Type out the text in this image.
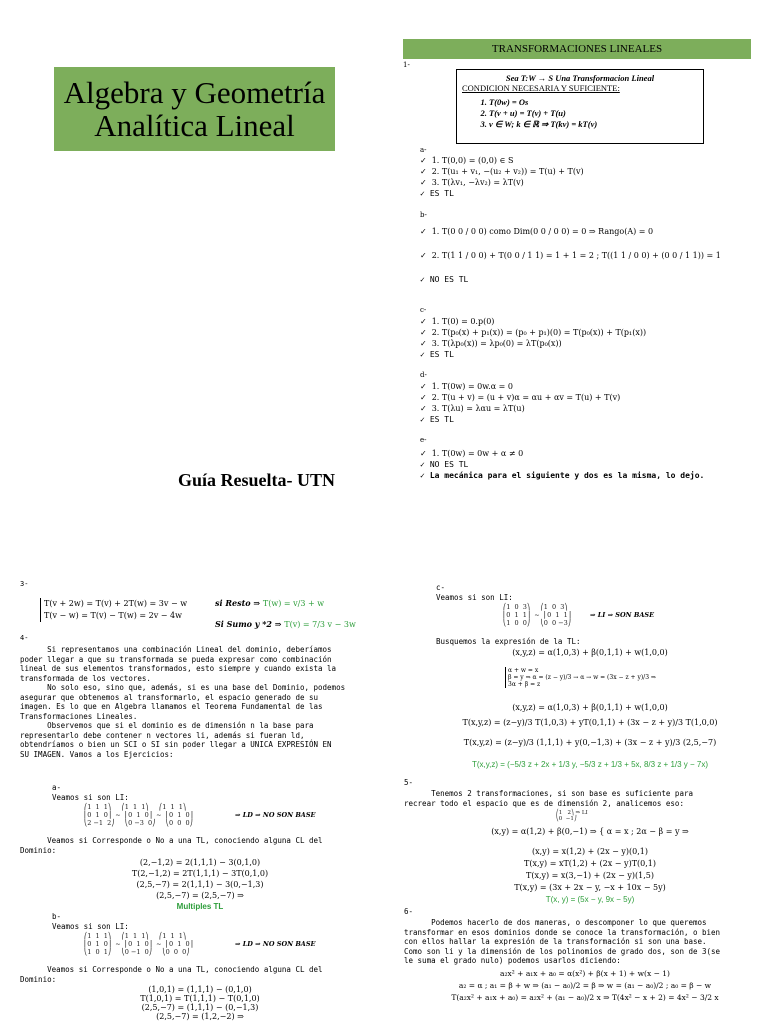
Algebra y Geometría
Analítica Lineal
Guía Resuelta- UTN
TRANSFORMACIONES LINEALES
1-
Sea T:W → S Una Transformacion Lineal
CONDICION NECESARIA Y SUFICIENTE:
1. T(0w) = Os
2. T(v + u) = T(v) + T(u)
3. v ∈ W; k ∈ ℝ ⇒ T(kv) = kT(v)
a-
✓ 1. T(0,0) = (0,0) ∈ S
✓ 2. T(u₁ + v₁, −(u₂ + v₂)) = T(u) + T(v)
✓ 3. T(λv₁, −λv₂) = λT(v)
✓ ES TL
b-
✓ 1. T(0 0 / 0 0) como Dim(0 0 / 0 0) = 0 ⇒ Rango(A) = 0
✓ 2. T(1 1 / 0 0) + T(0 0 / 1 1) = 1 + 1 = 2 ; T((1 1 / 0 0) + (0 0 / 1 1)) = 1
✓ NO ES TL
c-
✓ 1. T(0) = 0.p(0)
✓ 2. T(p₀(x) + p₁(x)) = (p₀ + p₁)(0) = T(p₀(x)) + T(p₁(x))
✓ 3. T(λp₀(x)) = λp₀(0) = λT(p₀(x))
✓ ES TL
d-
✓ 1. T(0w) = 0w.α = 0
✓ 2. T(u + v) = (u + v)α = αu + αv = T(u) + T(v)
✓ 3. T(λu) = λαu = λT(u)
✓ ES TL
e-
✓ 1. T(0w) = 0w + α ≠ 0
✓ NO ES TL
✓ La mecánica para el siguiente y dos es la misma, lo dejo.
3-
T(v + 2w) = T(v) + 2T(w) = 3v − w
T(v − w) = T(v) − T(w) = 2v − 4w
si Resto ⇒ T(w) = v/3 + w
Si Sumo y *2 ⇒ T(v) = 7/3 v − 3w
4-
Si representamos una combinación Lineal del dominio, deberíamos
poder llegar a que su transformada se pueda expresar como combinación
lineal de sus elementos transformados, esto siempre y cuando exista la
transformada de los vectores.
No solo eso, sino que, además, si es una base del Dominio, podemos
asegurar que obtenemos al transformarlo, el espacio generado de su
imagen. Es lo que en Algebra llamamos el Teorema Fundamental de las
Transformaciones Lineales.
Observemos que si el dominio es de dimensión n la base para
representarlo debe contener n vectores li, además si fueran ld,
obtendríamos o bien un SCI o SI sin poder llegar a UNICA EXPRESIÓN EN
SU IMAGEN. Vamos a los Ejercicios:
a-
Veamos si son LI:
⇒ LD ⇒ NO SON BASE
⎛1  1  1⎞     ⎛1  1  1⎞     ⎛1  1  1⎞
⎜0  1  0⎟  ~  ⎜0  1  0⎟  ~  ⎜0  1  0⎟
⎝2 −1  2⎠     ⎝0 −3  0⎠     ⎝0  0  0⎠
Veamos si Corresponde o No a una TL, conociendo alguna CL del
Dominio:
(2,−1,2) = 2(1,1,1) − 3(0,1,0)
T(2,−1,2) = 2T(1,1,1) − 3T(0,1,0)
(2,5,−7) = 2(1,1,1) − 3(0,−1,3)
(2,5,−7) = (2,5,−7) ⇒
Multiples TL
b-
Veamos si son LI:
⎛1  1  1⎞     ⎛1  1  1⎞     ⎛1  1  1⎞
⎜0  1  0⎟  ~  ⎜0  1  0⎟  ~  ⎜0  1  0⎟
⎝1  0  1⎠     ⎝0 −1  0⎠     ⎝0  0  0⎠
⇒ LD ⇒ NO SON BASE
Veamos si Corresponde o No a una TL, conociendo alguna CL del
Dominio:
(1,0,1) = (1,1,1) − (0,1,0)
T(1,0,1) = T(1,1,1) − T(0,1,0)
(2,5,−7) = (1,1,1) − (0,−1,3)
(2,5,−7) = (1,2,−2) ⇒
c-
Veamos si son LI:
⎛1  0  3⎞     ⎛1  0  3⎞
⎜0  1  1⎟  ~  ⎜0  1  1⎟
⎝1  0  0⎠     ⎝0  0 −3⎠
⇒ LI ⇒ SON BASE
Busquemos la expresión de la TL:
(x,y,z) = α(1,0,3) + β(0,1,1) + w(1,0,0)
α + w = x
β = y ⇒ α = (z − y)/3 → α → w = (3x − z + y)/3 ⇒
3α + β = z
(x,y,z) = α(1,0,3) + β(0,1,1) + w(1,0,0)
T(x,y,z) = (z−y)/3 T(1,0,3) + yT(0,1,1) + (3x − z + y)/3 T(1,0,0)
T(x,y,z) = (z−y)/3 (1,1,1) + y(0,−1,3) + (3x − z + y)/3 (2,5,−7)
T(x,y,z) = (−5/3 z + 2x + 1/3 y, −5/3 z + 1/3 + 5x, 8/3 z + 1/3 y − 7x)
5-
Tenemos 2 transformaciones, si son base es suficiente para
recrear todo el espacio que es de dimensión 2, analicemos eso:
⎛1   2⎞ ⇒ LI
⎝0  −1⎠
(x,y) = α(1,2) + β(0,−1) ⇒ { α = x ; 2α − β = y ⇒
(x,y) = x(1,2) + (2x − y)(0,1)
T(x,y) = xT(1,2) + (2x − y)T(0,1)
T(x,y) = x(3,−1) + (2x − y)(1,5)
T(x,y) = (3x + 2x − y, −x + 10x − 5y)
T(x, y) = (5x − y, 9x − 5y)
6-
Podemos hacerlo de dos maneras, o descomponer lo que queremos
transformar en esos dominios donde se conoce la transformación, o bien
con ellos hallar la expresión de la transformación si son una base.
Como son li y la dimensión de los polinomios de grado dos, son de 3(se
le suma el grado nulo) podemos usarlos diciendo:
a₂x² + a₁x + a₀ = α(x²) + β(x + 1) + w(x − 1)
a₂ = α ; a₁ = β + w ⇒ (a₁ − a₀)/2 = β ⇒ w = (a₁ − a₀)/2 ; a₀ = β − w
T(a₂x² + a₁x + a₀) = a₂x² + (a₁ − a₀)/2 x ⇒ T(4x² − x + 2) = 4x² − 3/2 x
